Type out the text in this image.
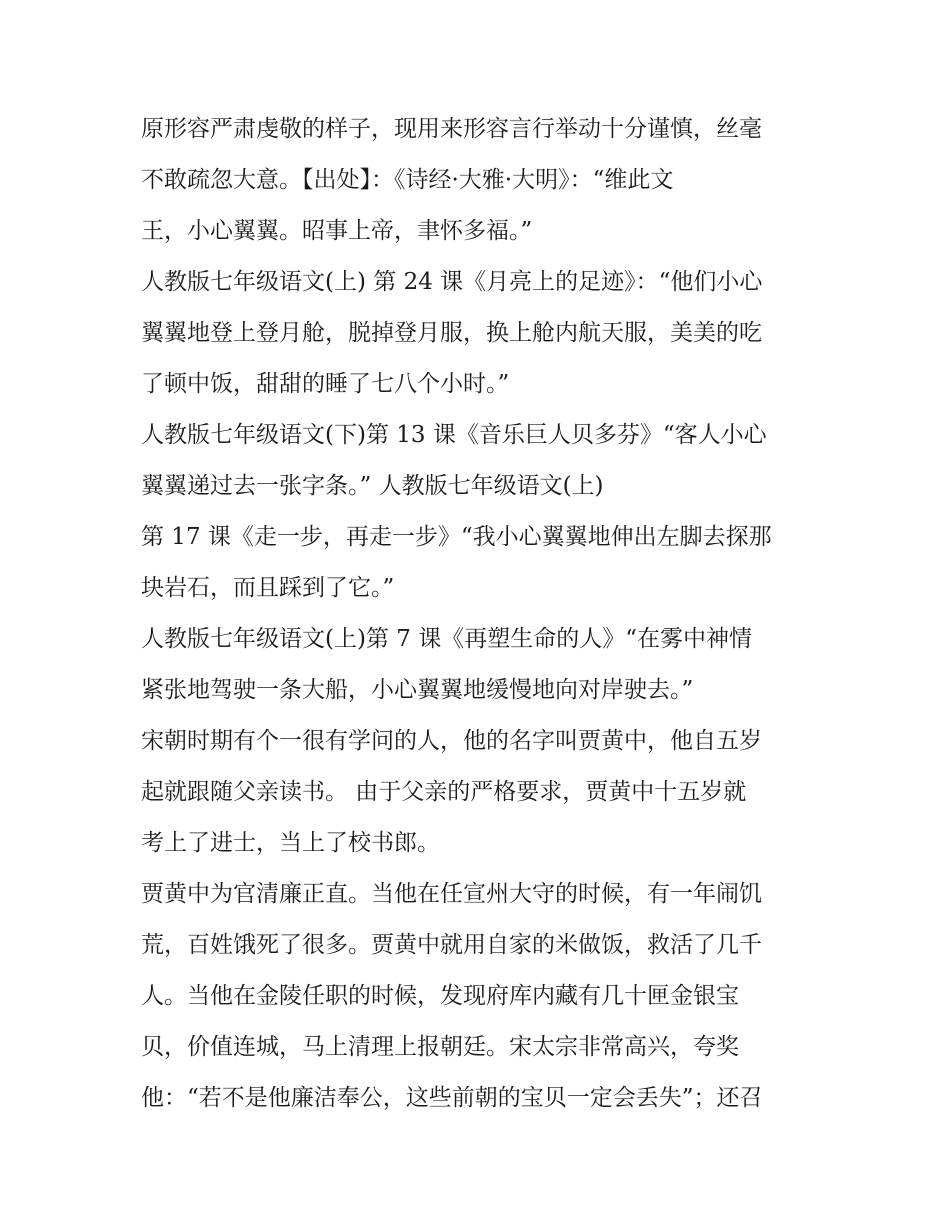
原形容严肃虔敬的样子，现用来形容言行举动十分谨慎，丝毫
不敢疏忽大意。【出处】：《诗经·大雅·大明》：“维此文
王，小心翼翼。昭事上帝，聿怀多福。”
人教版七年级语文(上) 第 24 课《月亮上的足迹》：“他们小心
翼翼地登上登月舱，脱掉登月服，换上舱内航天服，美美的吃
了顿中饭，甜甜的睡了七八个小时。”
人教版七年级语文(下)第 13 课《音乐巨人贝多芬》“客人小心
翼翼递过去一张字条。” 人教版七年级语文(上)
第 17 课《走一步，再走一步》“我小心翼翼地伸出左脚去探那
块岩石，而且踩到了它。”
人教版七年级语文(上)第 7 课《再塑生命的人》“在雾中神情
紧张地驾驶一条大船，小心翼翼地缓慢地向对岸驶去。”
宋朝时期有个一很有学问的人，他的名字叫贾黄中，他自五岁
起就跟随父亲读书。 由于父亲的严格要求，贾黄中十五岁就
考上了进士，当上了校书郎。
贾黄中为官清廉正直。当他在任宣州大守的时候，有一年闹饥
荒，百姓饿死了很多。贾黄中就用自家的米做饭，救活了几千
人。当他在金陵任职的时候，发现府库内藏有几十匣金银宝
贝，价值连城，马上清理上报朝廷。宋太宗非常高兴，夸奖
他：“若不是他廉洁奉公，这些前朝的宝贝一定会丢失”；还召
